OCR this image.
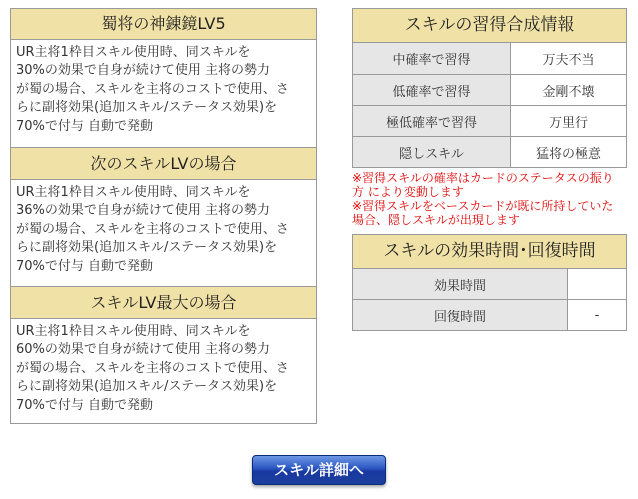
蜀将の神錬鏡LV5
UR主将1枠目スキル使用時、同スキルを
30%の効果で自身が続けて使用 主将の勢力
が蜀の場合、スキルを主将のコストで使用、さ
らに副将効果(追加スキル/ステータス効果)を
70%で付与 自動で発動
次のスキルLVの場合
UR主将1枠目スキル使用時、同スキルを
36%の効果で自身が続けて使用 主将の勢力
が蜀の場合、スキルを主将のコストで使用、さ
らに副将効果(追加スキル/ステータス効果)を
70%で付与 自動で発動
スキルLV最大の場合
UR主将1枠目スキル使用時、同スキルを
60%の効果で自身が続けて使用 主将の勢力
が蜀の場合、スキルを主将のコストで使用、さ
らに副将効果(追加スキル/ステータス効果)を
70%で付与 自動で発動
スキルの習得合成情報
中確率で習得	万夫不当
低確率で習得	金剛不壊
極低確率で習得	万里行
隠しスキル	猛将の極意
※習得スキルの確率はカードのステータスの振り
方 により変動します
※習得スキルをベースカードが既に所持していた
場合、隠しスキルが出現します
スキルの効果時間･回復時間
効果時間	
回復時間	-
スキル詳細へ
